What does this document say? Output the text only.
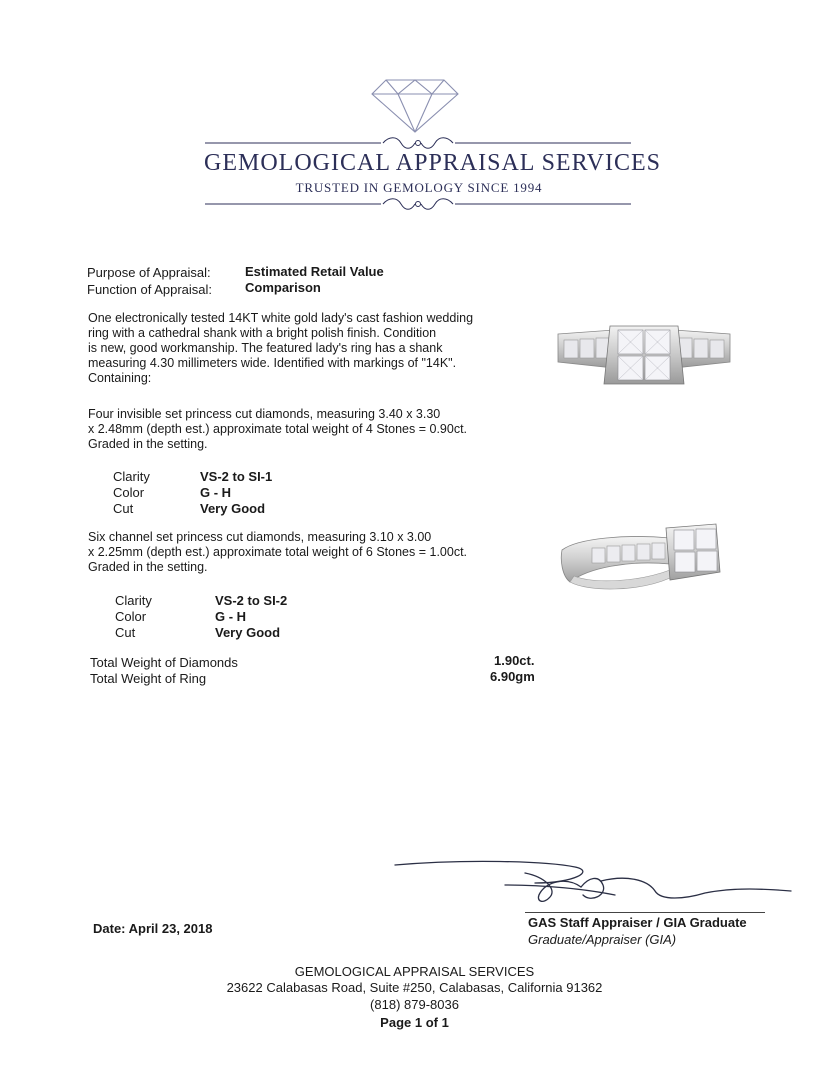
GEMOLOGICAL APPRAISAL SERVICES
TRUSTED IN GEMOLOGY SINCE 1994
Purpose of Appraisal:	Estimated Retail Value
Function of Appraisal:	Comparison
One electronically tested 14KT white gold lady's cast fashion wedding
ring with a cathedral shank with a bright polish finish. Condition
is new, good workmanship. The featured lady's ring has a shank
measuring 4.30 millimeters wide. Identified with markings of "14K".
Containing:
Four invisible set princess cut diamonds, measuring 3.40 x 3.30
x 2.48mm (depth est.) approximate total weight of 4 Stones = 0.90ct.
Graded in the setting.
Clarity	VS-2 to SI-1
Color	G - H
Cut	Very Good
Six channel set princess cut diamonds, measuring 3.10 x 3.00
x 2.25mm (depth est.) approximate total weight of 6 Stones = 1.00ct.
Graded in the setting.
Clarity	VS-2 to SI-2
Color	G - H
Cut	Very Good
Total Weight of Diamonds	1.90ct.
Total Weight of Ring	6.90gm
Date: April 23, 2018	GAS Staff Appraiser / GIA Graduate
Graduate/Appraiser (GIA)
GEMOLOGICAL APPRAISAL SERVICES
23622 Calabasas Road, Suite #250, Calabasas, California 91362
(818) 879-8036
Page 1 of 1
